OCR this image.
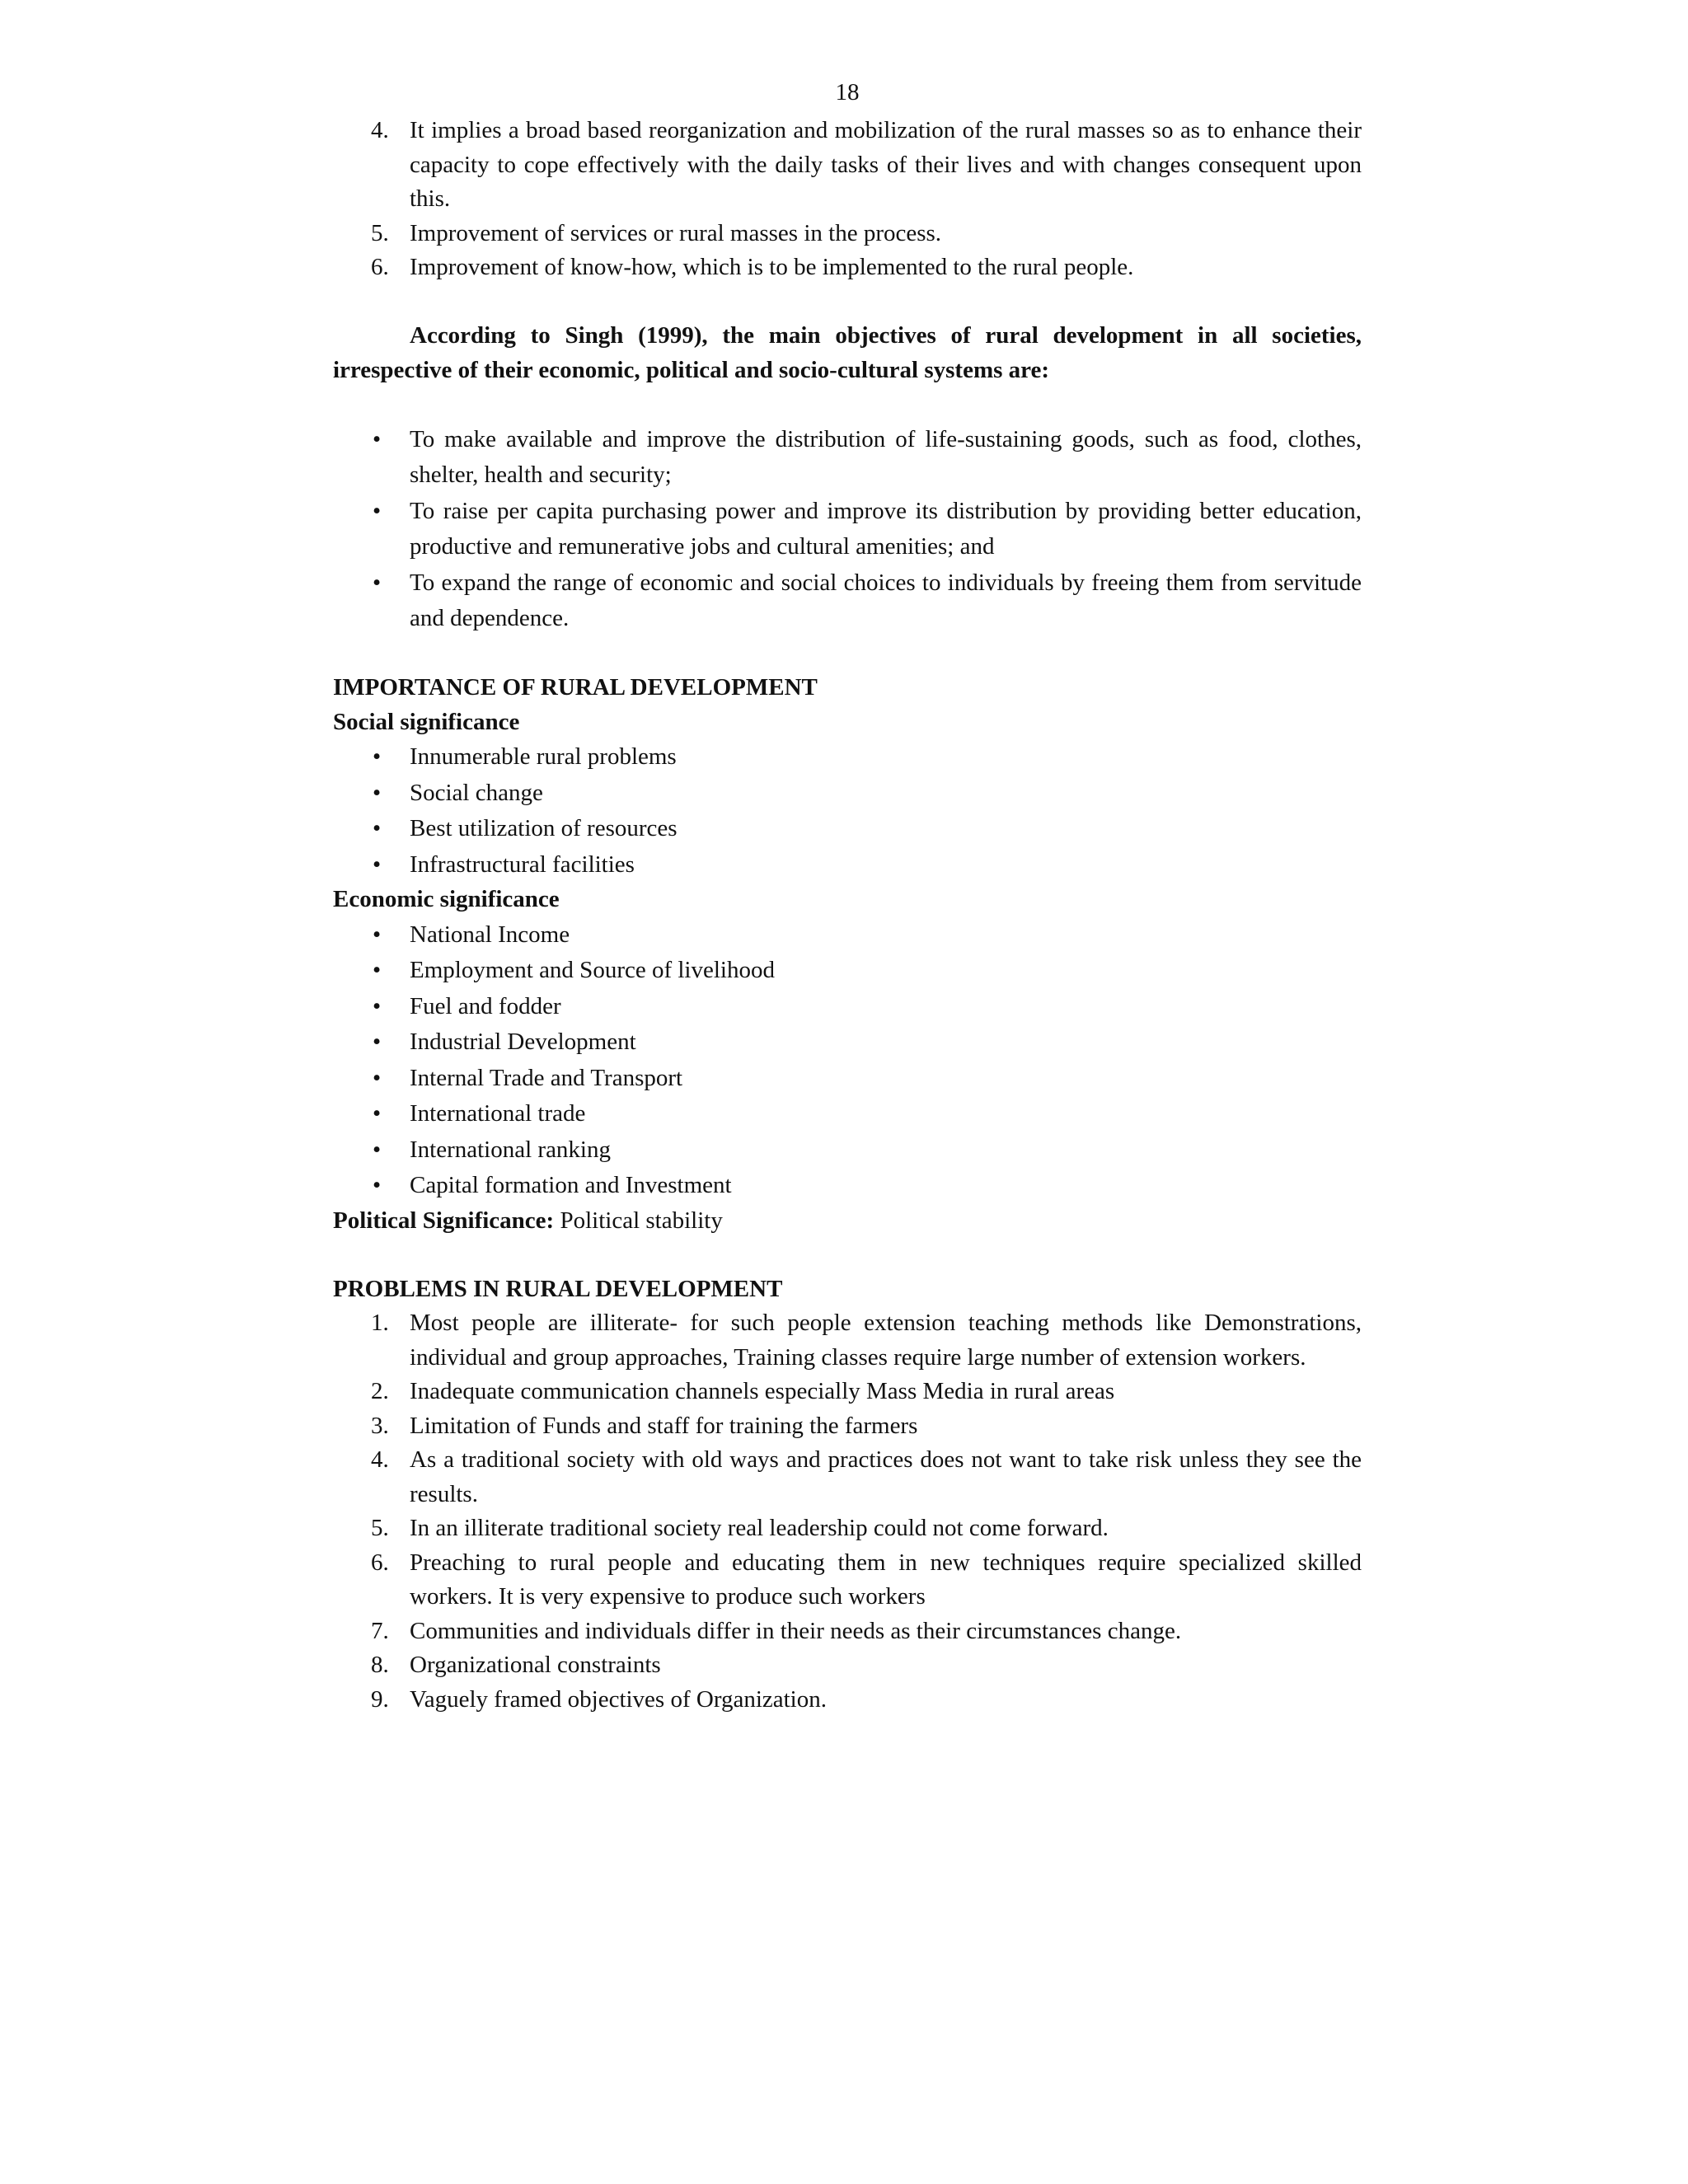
18
4. It implies a broad based reorganization and mobilization of the rural masses so as to enhance their capacity to cope effectively with the daily tasks of their lives and with changes consequent upon this.
5. Improvement of services or rural masses in the process.
6. Improvement of know-how, which is to be implemented to the rural people.

According to Singh (1999), the main objectives of rural development in all societies, irrespective of their economic, political and socio-cultural systems are:

• To make available and improve the distribution of life-sustaining goods, such as food, clothes, shelter, health and security;
• To raise per capita purchasing power and improve its distribution by providing better education, productive and remunerative jobs and cultural amenities; and
• To expand the range of economic and social choices to individuals by freeing them from servitude and dependence.
IMPORTANCE OF RURAL DEVELOPMENT
Social significance
• Innumerable rural problems
• Social change
• Best utilization of resources
• Infrastructural facilities
Economic significance
• National Income
• Employment and Source of livelihood
• Fuel and fodder
• Industrial Development
• Internal Trade and Transport
• International trade
• International ranking
• Capital formation and Investment
Political Significance: Political stability
PROBLEMS IN RURAL DEVELOPMENT
1. Most people are illiterate- for such people extension teaching methods like Demonstrations, individual and group approaches, Training classes require large number of extension workers.
2. Inadequate communication channels especially Mass Media in rural areas
3. Limitation of Funds and staff for training the farmers
4. As a traditional society with old ways and practices does not want to take risk unless they see the results.
5. In an illiterate traditional society real leadership could not come forward.
6. Preaching to rural people and educating them in new techniques require specialized skilled workers. It is very expensive to produce such workers
7. Communities and individuals differ in their needs as their circumstances change.
8. Organizational constraints
9. Vaguely framed objectives of Organization.
